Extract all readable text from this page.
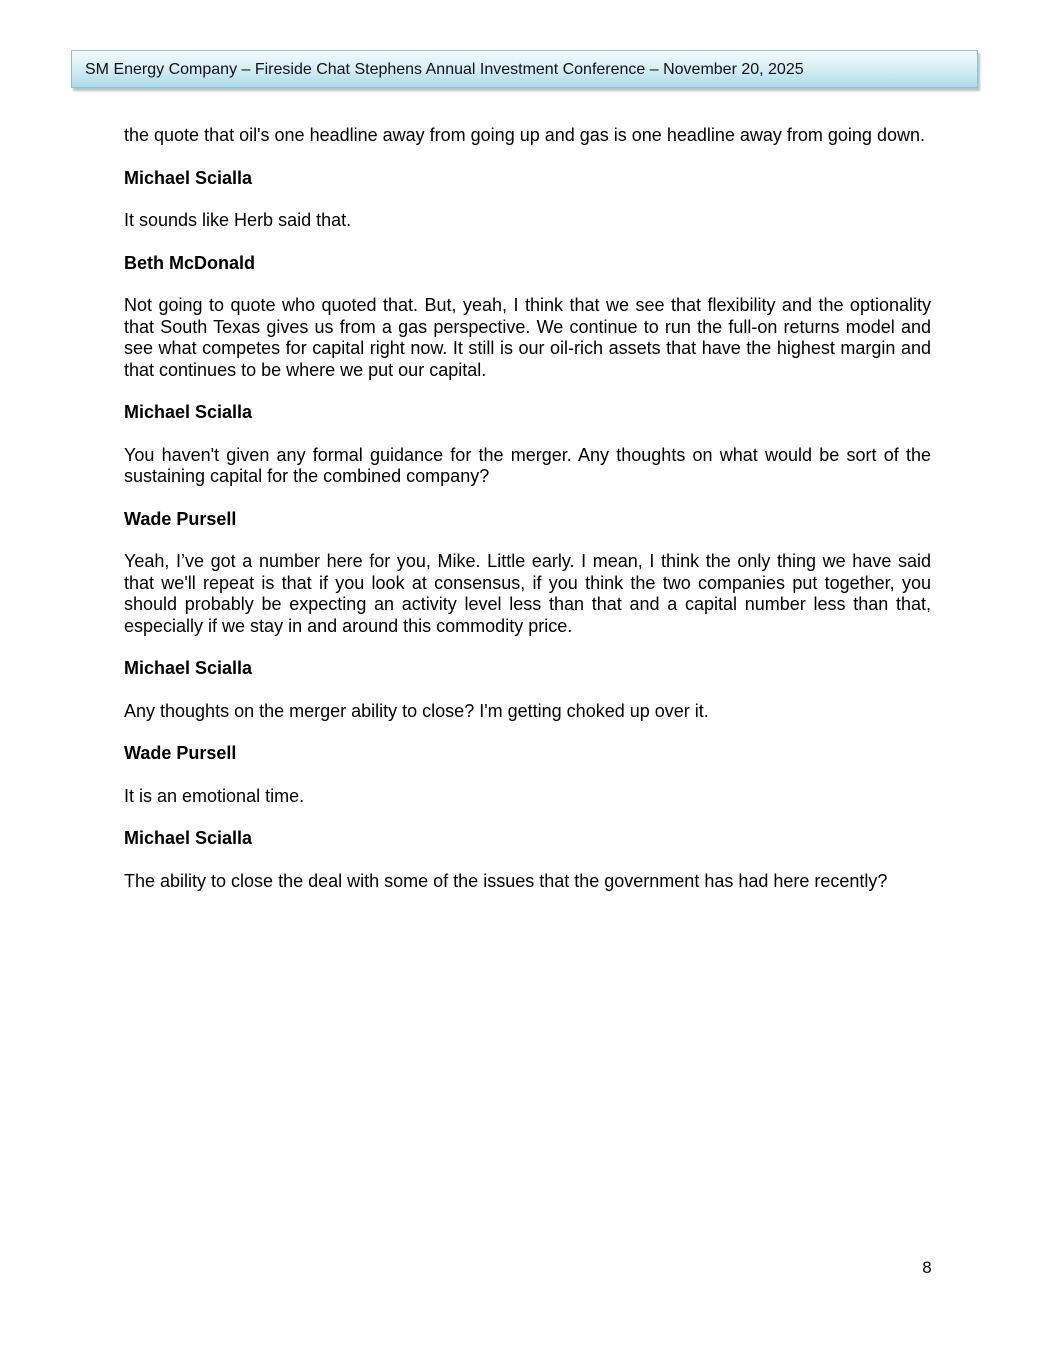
SM Energy Company – Fireside Chat Stephens Annual Investment Conference – November 20, 2025

the quote that oil's one headline away from going up and gas is one headline away from going down.

Michael Scialla

It sounds like Herb said that.

Beth McDonald

Not going to quote who quoted that. But, yeah, I think that we see that flexibility and the optionality that South Texas gives us from a gas perspective. We continue to run the full-on returns model and see what competes for capital right now. It still is our oil-rich assets that have the highest margin and that continues to be where we put our capital.

Michael Scialla

You haven't given any formal guidance for the merger. Any thoughts on what would be sort of the sustaining capital for the combined company?

Wade Pursell

Yeah, I’ve got a number here for you, Mike. Little early. I mean, I think the only thing we have said that we'll repeat is that if you look at consensus, if you think the two companies put together, you should probably be expecting an activity level less than that and a capital number less than that, especially if we stay in and around this commodity price.

Michael Scialla

Any thoughts on the merger ability to close? I'm getting choked up over it.

Wade Pursell

It is an emotional time.

Michael Scialla

The ability to close the deal with some of the issues that the government has had here recently?

8
